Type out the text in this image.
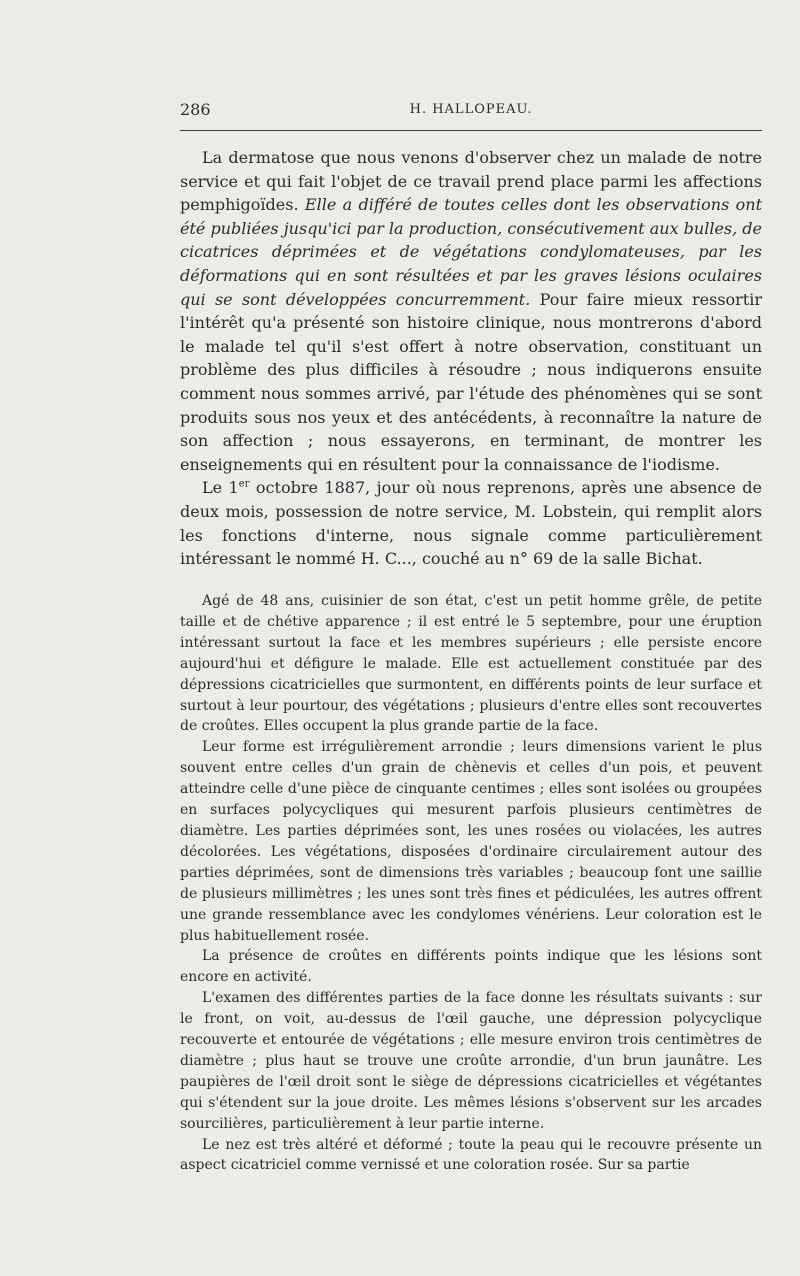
286	H. HALLOPEAU.

La dermatose que nous venons d'observer chez un malade de notre service et qui fait l'objet de ce travail prend place parmi les affections pemphigoïdes. Elle a différé de toutes celles dont les observations ont été publiées jusqu'ici par la production, consécutivement aux bulles, de cicatrices déprimées et de végétations condylomateuses, par les déformations qui en sont résultées et par les graves lésions oculaires qui se sont développées concurremment. Pour faire mieux ressortir l'intérêt qu'a présenté son histoire clinique, nous montrerons d'abord le malade tel qu'il s'est offert à notre observation, constituant un problème des plus difficiles à résoudre ; nous indiquerons ensuite comment nous sommes arrivé, par l'étude des phénomènes qui se sont produits sous nos yeux et des antécédents, à reconnaître la nature de son affection ; nous essayerons, en terminant, de montrer les enseignements qui en résultent pour la connaissance de l'iodisme.

Le 1er octobre 1887, jour où nous reprenons, après une absence de deux mois, possession de notre service, M. Lobstein, qui remplit alors les fonctions d'interne, nous signale comme particulièrement intéressant le nommé H. C..., couché au n° 69 de la salle Bichat.

Agé de 48 ans, cuisinier de son état, c'est un petit homme grêle, de petite taille et de chétive apparence ; il est entré le 5 septembre, pour une éruption intéressant surtout la face et les membres supérieurs ; elle persiste encore aujourd'hui et défigure le malade. Elle est actuellement constituée par des dépressions cicatricielles que surmontent, en différents points de leur surface et surtout à leur pourtour, des végétations ; plusieurs d'entre elles sont recouvertes de croûtes. Elles occupent la plus grande partie de la face.

Leur forme est irrégulièrement arrondie ; leurs dimensions varient le plus souvent entre celles d'un grain de chènevis et celles d'un pois, et peuvent atteindre celle d'une pièce de cinquante centimes ; elles sont isolées ou groupées en surfaces polycycliques qui mesurent parfois plusieurs centimètres de diamètre. Les parties déprimées sont, les unes rosées ou violacées, les autres décolorées. Les végétations, disposées d'ordinaire circulairement autour des parties déprimées, sont de dimensions très variables ; beaucoup font une saillie de plusieurs millimètres ; les unes sont très fines et pédiculées, les autres offrent une grande ressemblance avec les condylomes vénériens. Leur coloration est le plus habituellement rosée.

La présence de croûtes en différents points indique que les lésions sont encore en activité.

L'examen des différentes parties de la face donne les résultats suivants : sur le front, on voit, au-dessus de l'œil gauche, une dépression polycyclique recouverte et entourée de végétations ; elle mesure environ trois centimètres de diamètre ; plus haut se trouve une croûte arrondie, d'un brun jaunâtre. Les paupières de l'œil droit sont le siège de dépressions cicatricielles et végétantes qui s'étendent sur la joue droite. Les mêmes lésions s'observent sur les arcades sourcilières, particulièrement à leur partie interne.

Le nez est très altéré et déformé ; toute la peau qui le recouvre présente un aspect cicatriciel comme vernissé et une coloration rosée. Sur sa partie
